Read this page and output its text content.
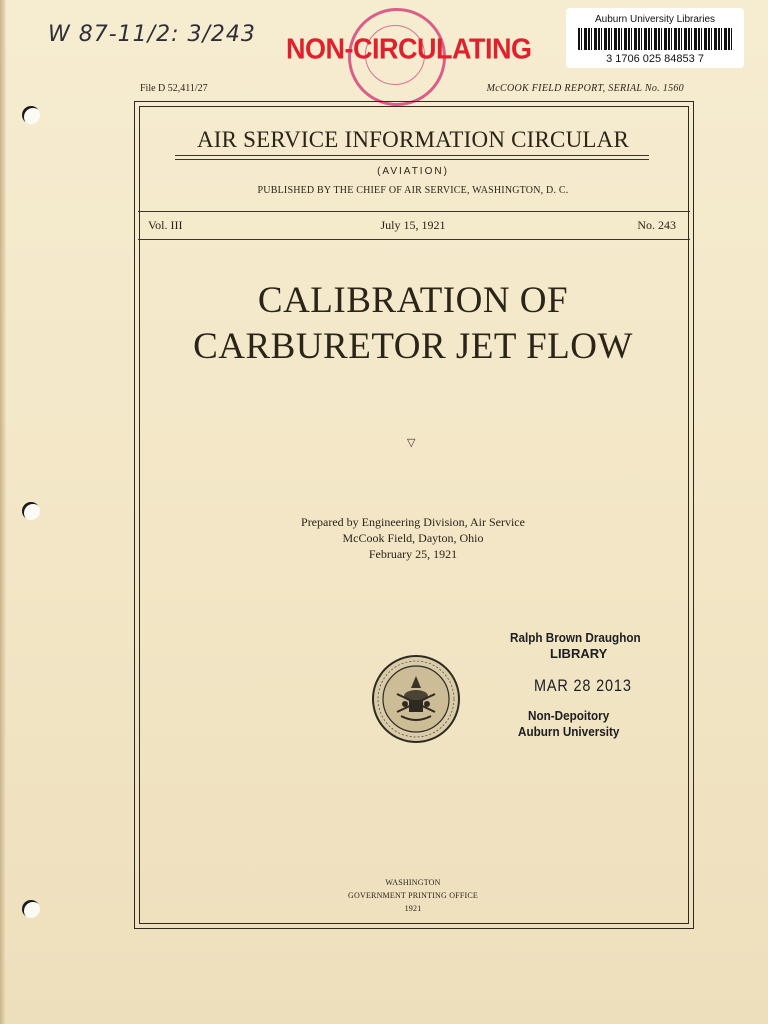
W 87-11/2: 3/243
Auburn University Libraries
3 1706 025 84853 7
NON-CIRCULATING
File D 52,411/27	McCOOK FIELD REPORT, SERIAL No. 1560
AIR SERVICE INFORMATION CIRCULAR
(AVIATION)
PUBLISHED BY THE CHIEF OF AIR SERVICE, WASHINGTON, D. C.
Vol. III	July 15, 1921	No. 243
CALIBRATION OF
CARBURETOR JET FLOW
▽
Prepared by Engineering Division, Air Service
McCook Field, Dayton, Ohio
February 25, 1921
Ralph Brown Draughon
LIBRARY
MAR 28 2013
Non-Depoitory
Auburn University
WASHINGTON
GOVERNMENT PRINTING OFFICE
1921
